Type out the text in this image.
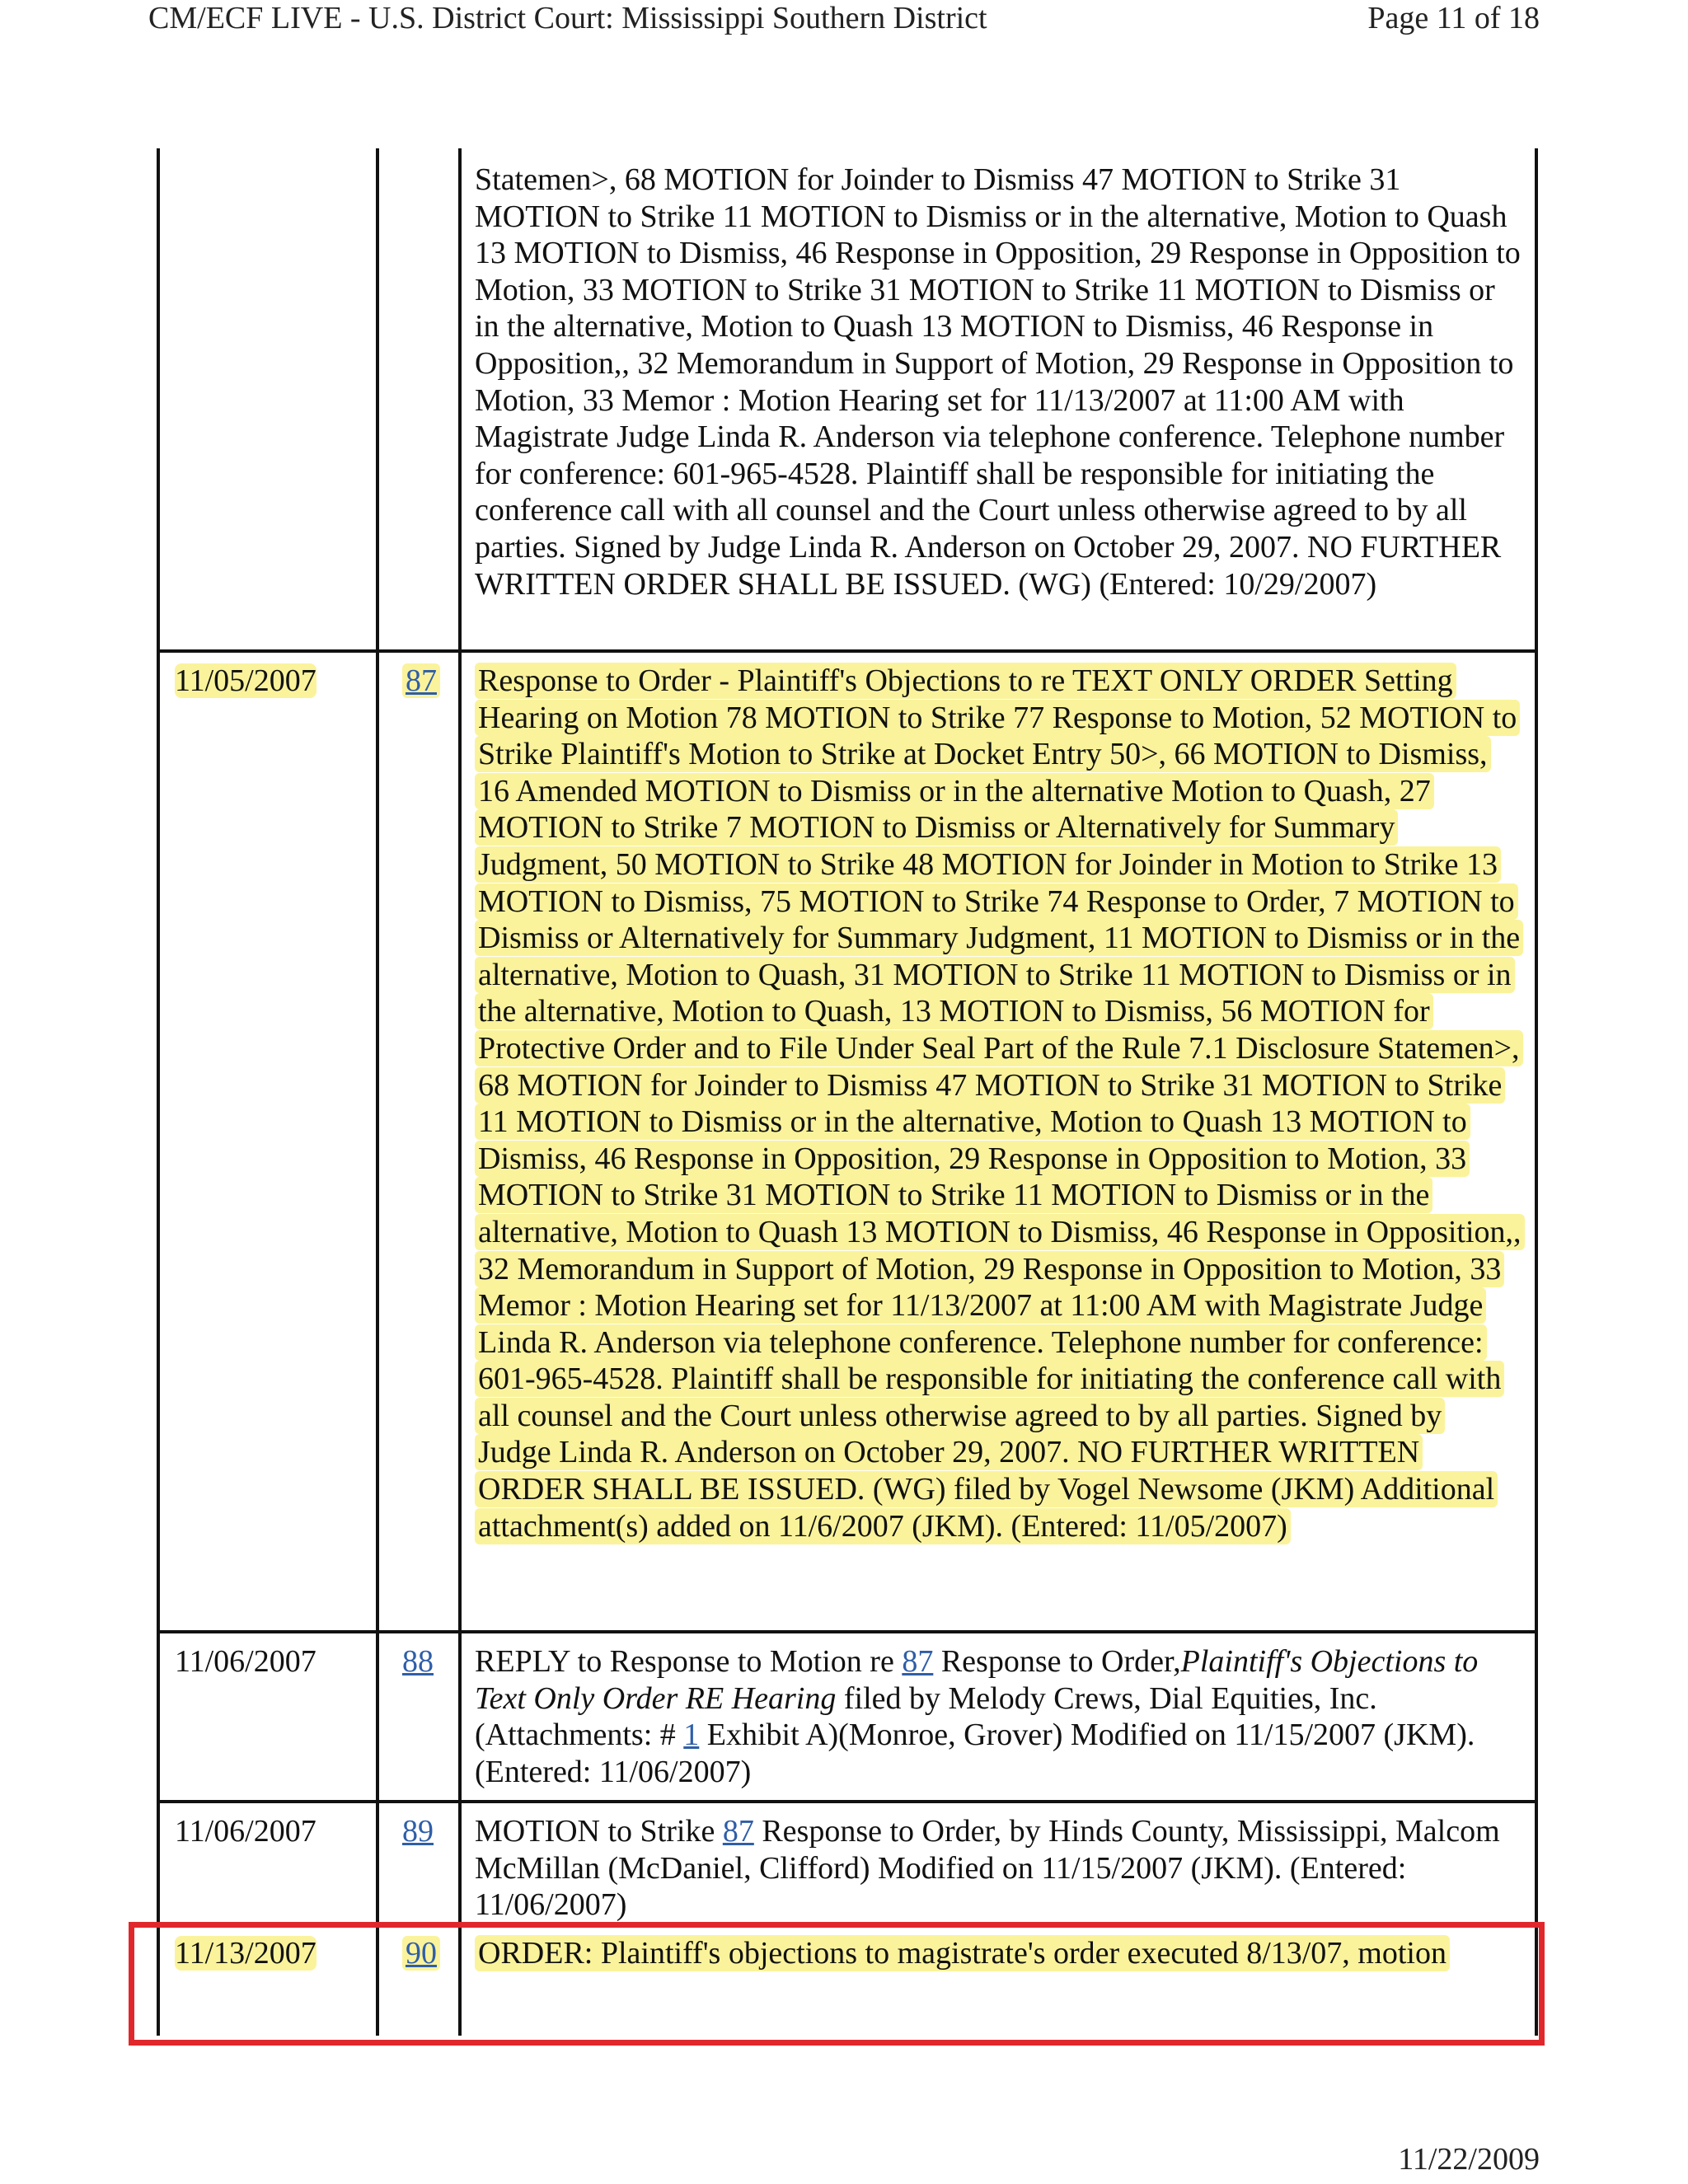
CM/ECF LIVE - U.S. District Court: Mississippi Southern District	Page 11 of 18

Statemen>, 68 MOTION for Joinder to Dismiss 47 MOTION to Strike 31 MOTION to Strike 11 MOTION to Dismiss or in the alternative, Motion to Quash 13 MOTION to Dismiss, 46 Response in Opposition, 29 Response in Opposition to Motion, 33 MOTION to Strike 31 MOTION to Strike 11 MOTION to Dismiss or in the alternative, Motion to Quash 13 MOTION to Dismiss, 46 Response in Opposition,, 32 Memorandum in Support of Motion, 29 Response in Opposition to Motion, 33 Memor : Motion Hearing set for 11/13/2007 at 11:00 AM with Magistrate Judge Linda R. Anderson via telephone conference. Telephone number for conference: 601-965-4528. Plaintiff shall be responsible for initiating the conference call with all counsel and the Court unless otherwise agreed to by all parties. Signed by Judge Linda R. Anderson on October 29, 2007. NO FURTHER WRITTEN ORDER SHALL BE ISSUED. (WG) (Entered: 10/29/2007)

11/05/2007	87	Response to Order - Plaintiff's Objections to re TEXT ONLY ORDER Setting Hearing on Motion 78 MOTION to Strike 77 Response to Motion, 52 MOTION to Strike Plaintiff's Motion to Strike at Docket Entry 50>, 66 MOTION to Dismiss, 16 Amended MOTION to Dismiss or in the alternative Motion to Quash, 27 MOTION to Strike 7 MOTION to Dismiss or Alternatively for Summary Judgment, 50 MOTION to Strike 48 MOTION for Joinder in Motion to Strike 13 MOTION to Dismiss, 75 MOTION to Strike 74 Response to Order, 7 MOTION to Dismiss or Alternatively for Summary Judgment, 11 MOTION to Dismiss or in the alternative, Motion to Quash, 31 MOTION to Strike 11 MOTION to Dismiss or in the alternative, Motion to Quash, 13 MOTION to Dismiss, 56 MOTION for Protective Order and to File Under Seal Part of the Rule 7.1 Disclosure Statemen>, 68 MOTION for Joinder to Dismiss 47 MOTION to Strike 31 MOTION to Strike 11 MOTION to Dismiss or in the alternative, Motion to Quash 13 MOTION to Dismiss, 46 Response in Opposition, 29 Response in Opposition to Motion, 33 MOTION to Strike 31 MOTION to Strike 11 MOTION to Dismiss or in the alternative, Motion to Quash 13 MOTION to Dismiss, 46 Response in Opposition,, 32 Memorandum in Support of Motion, 29 Response in Opposition to Motion, 33 Memor : Motion Hearing set for 11/13/2007 at 11:00 AM with Magistrate Judge Linda R. Anderson via telephone conference. Telephone number for conference: 601-965-4528. Plaintiff shall be responsible for initiating the conference call with all counsel and the Court unless otherwise agreed to by all parties. Signed by Judge Linda R. Anderson on October 29, 2007. NO FURTHER WRITTEN ORDER SHALL BE ISSUED. (WG) filed by Vogel Newsome (JKM) Additional attachment(s) added on 11/6/2007 (JKM). (Entered: 11/05/2007)

11/06/2007	88	REPLY to Response to Motion re 87 Response to Order,Plaintiff's Objections to Text Only Order RE Hearing filed by Melody Crews, Dial Equities, Inc. (Attachments: # 1 Exhibit A)(Monroe, Grover) Modified on 11/15/2007 (JKM). (Entered: 11/06/2007)

11/06/2007	89	MOTION to Strike 87 Response to Order, by Hinds County, Mississippi, Malcom McMillan (McDaniel, Clifford) Modified on 11/15/2007 (JKM). (Entered: 11/06/2007)

11/13/2007	90	ORDER: Plaintiff's objections to magistrate's order executed 8/13/07, motion

11/22/2009
